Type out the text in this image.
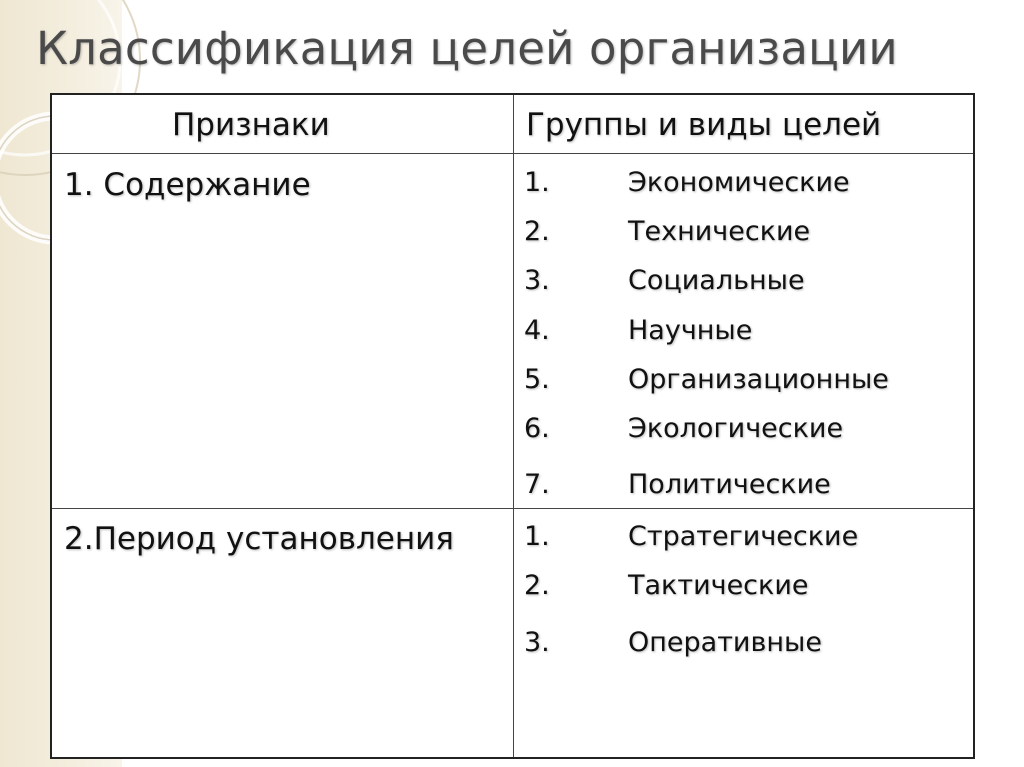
Классификация целей организации
Признаки	Группы и виды целей
1. Содержание	1.	Экономические
2.	Технические
3.	Социальные
4.	Научные
5.	Организационные
6.	Экологические
7.	Политические
2.Период установления	1.	Стратегические
2.	Тактические
3.	Оперативные
